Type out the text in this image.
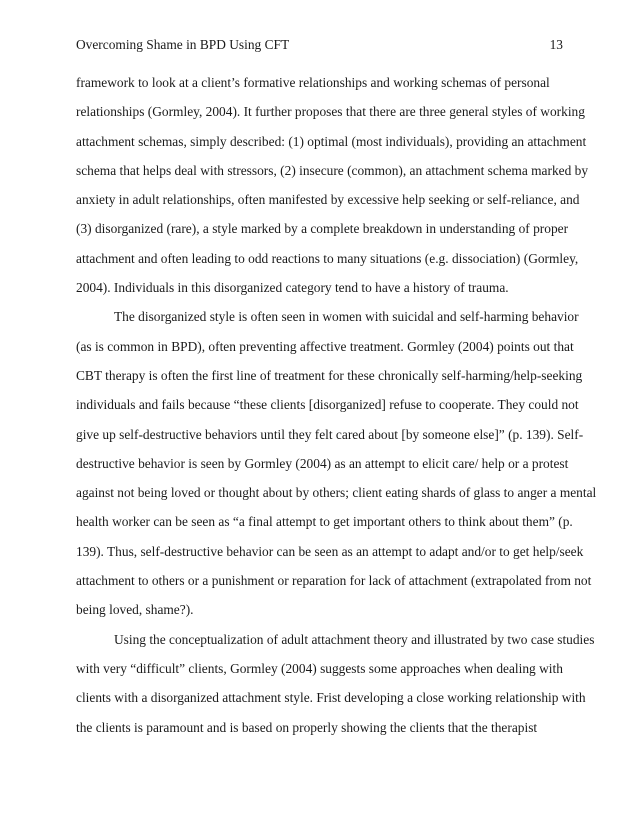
Overcoming Shame in BPD Using CFT	13
framework to look at a client’s formative relationships and working schemas of personal
relationships (Gormley, 2004). It further proposes that there are three general styles of working
attachment schemas, simply described: (1) optimal (most individuals), providing an attachment
schema that helps deal with stressors, (2) insecure (common), an attachment schema marked by
anxiety in adult relationships, often manifested by excessive help seeking or self-reliance, and
(3) disorganized (rare), a style marked by a complete breakdown in understanding of proper
attachment and often leading to odd reactions to many situations (e.g. dissociation) (Gormley,
2004). Individuals in this disorganized category tend to have a history of trauma.
The disorganized style is often seen in women with suicidal and self-harming behavior
(as is common in BPD), often preventing affective treatment. Gormley (2004) points out that
CBT therapy is often the first line of treatment for these chronically self-harming/help-seeking
individuals and fails because “these clients [disorganized] refuse to cooperate. They could not
give up self-destructive behaviors until they felt cared about [by someone else]” (p. 139). Self-
destructive behavior is seen by Gormley (2004) as an attempt to elicit care/ help or a protest
against not being loved or thought about by others; client eating shards of glass to anger a mental
health worker can be seen as “a final attempt to get important others to think about them” (p.
139). Thus, self-destructive behavior can be seen as an attempt to adapt and/or to get help/seek
attachment to others or a punishment or reparation for lack of attachment (extrapolated from not
being loved, shame?).
Using the conceptualization of adult attachment theory and illustrated by two case studies
with very “difficult” clients, Gormley (2004) suggests some approaches when dealing with
clients with a disorganized attachment style. Frist developing a close working relationship with
the clients is paramount and is based on properly showing the clients that the therapist
